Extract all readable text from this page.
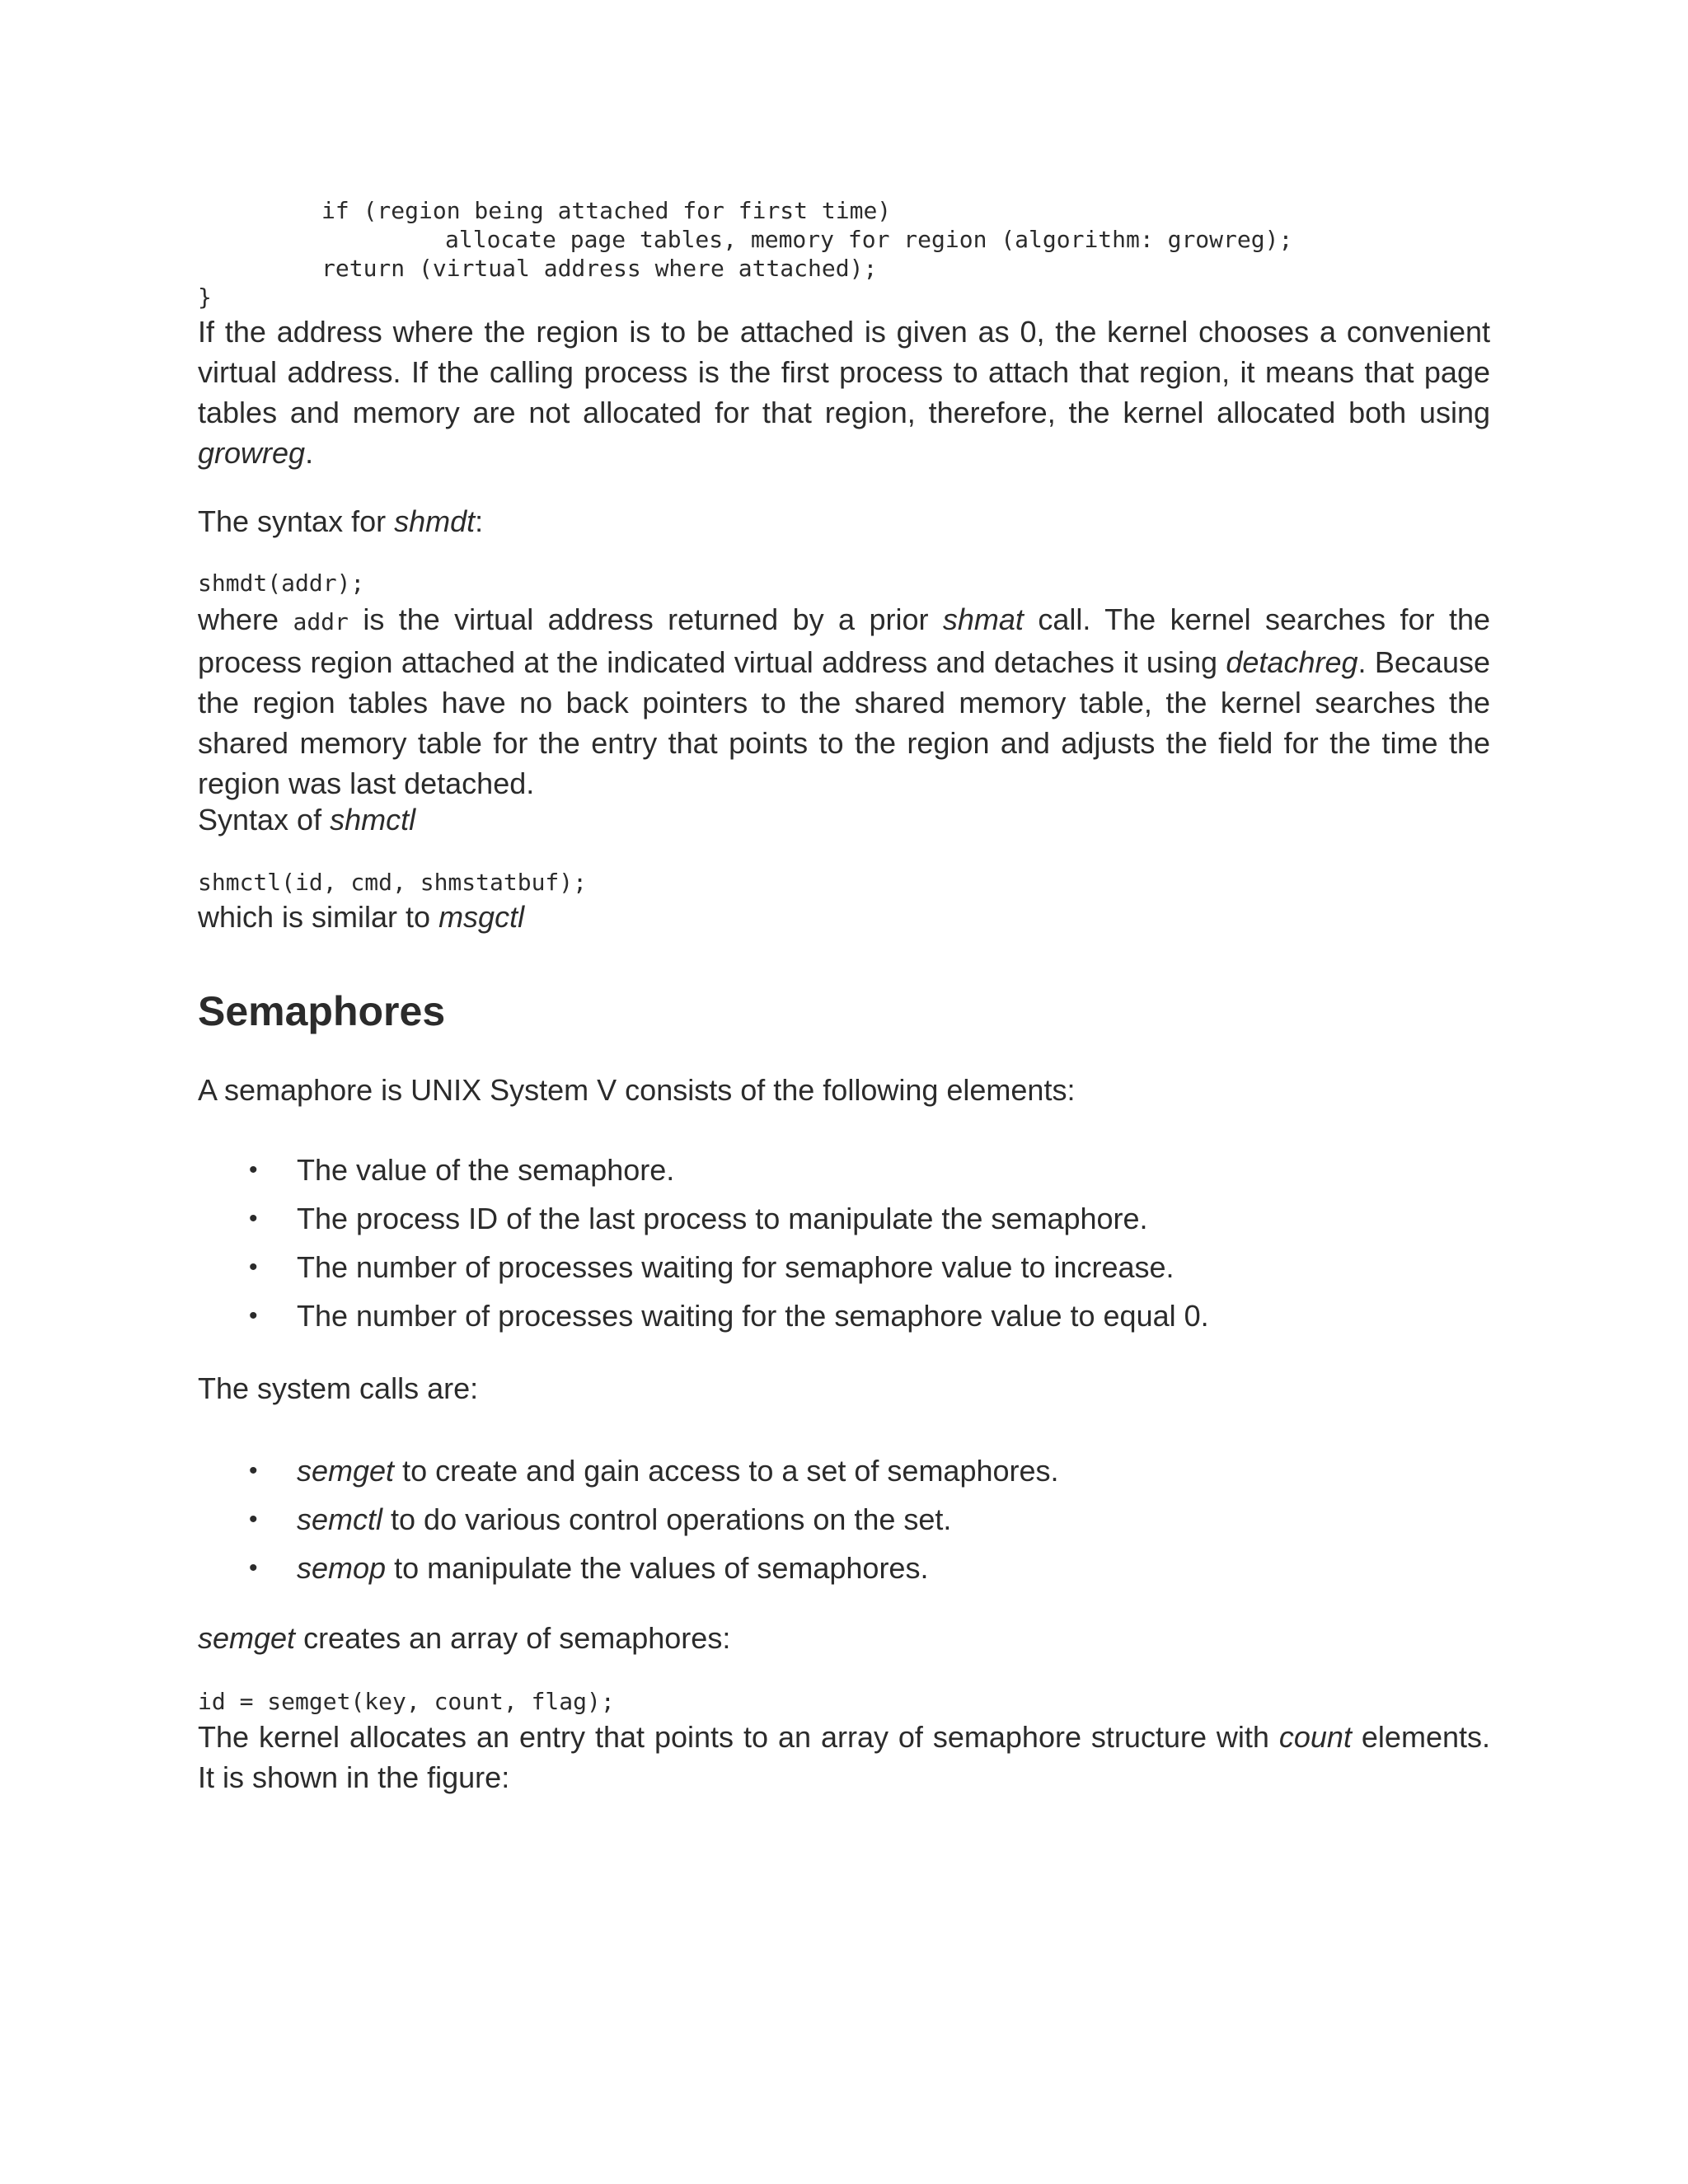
if (region being attached for first time)
allocate page tables, memory for region (algorithm: growreg);
return (virtual address where attached);
}

If the address where the region is to be attached is given as 0, the kernel chooses a convenient virtual address. If the calling process is the first process to attach that region, it means that page tables and memory are not allocated for that region, therefore, the kernel allocated both using growreg.

The syntax for shmdt:

shmdt(addr);

where addr is the virtual address returned by a prior shmat call. The kernel searches for the process region attached at the indicated virtual address and detaches it using detachreg. Because the region tables have no back pointers to the shared memory table, the kernel searches the shared memory table for the entry that points to the region and adjusts the field for the time the region was last detached.

Syntax of shmctl

shmctl(id, cmd, shmstatbuf);

which is similar to msgctl

Semaphores

A semaphore is UNIX System V consists of the following elements:

• The value of the semaphore.
• The process ID of the last process to manipulate the semaphore.
• The number of processes waiting for semaphore value to increase.
• The number of processes waiting for the semaphore value to equal 0.

The system calls are:

• semget to create and gain access to a set of semaphores.
• semctl to do various control operations on the set.
• semop to manipulate the values of semaphores.

semget creates an array of semaphores:

id = semget(key, count, flag);

The kernel allocates an entry that points to an array of semaphore structure with count elements. It is shown in the figure:
